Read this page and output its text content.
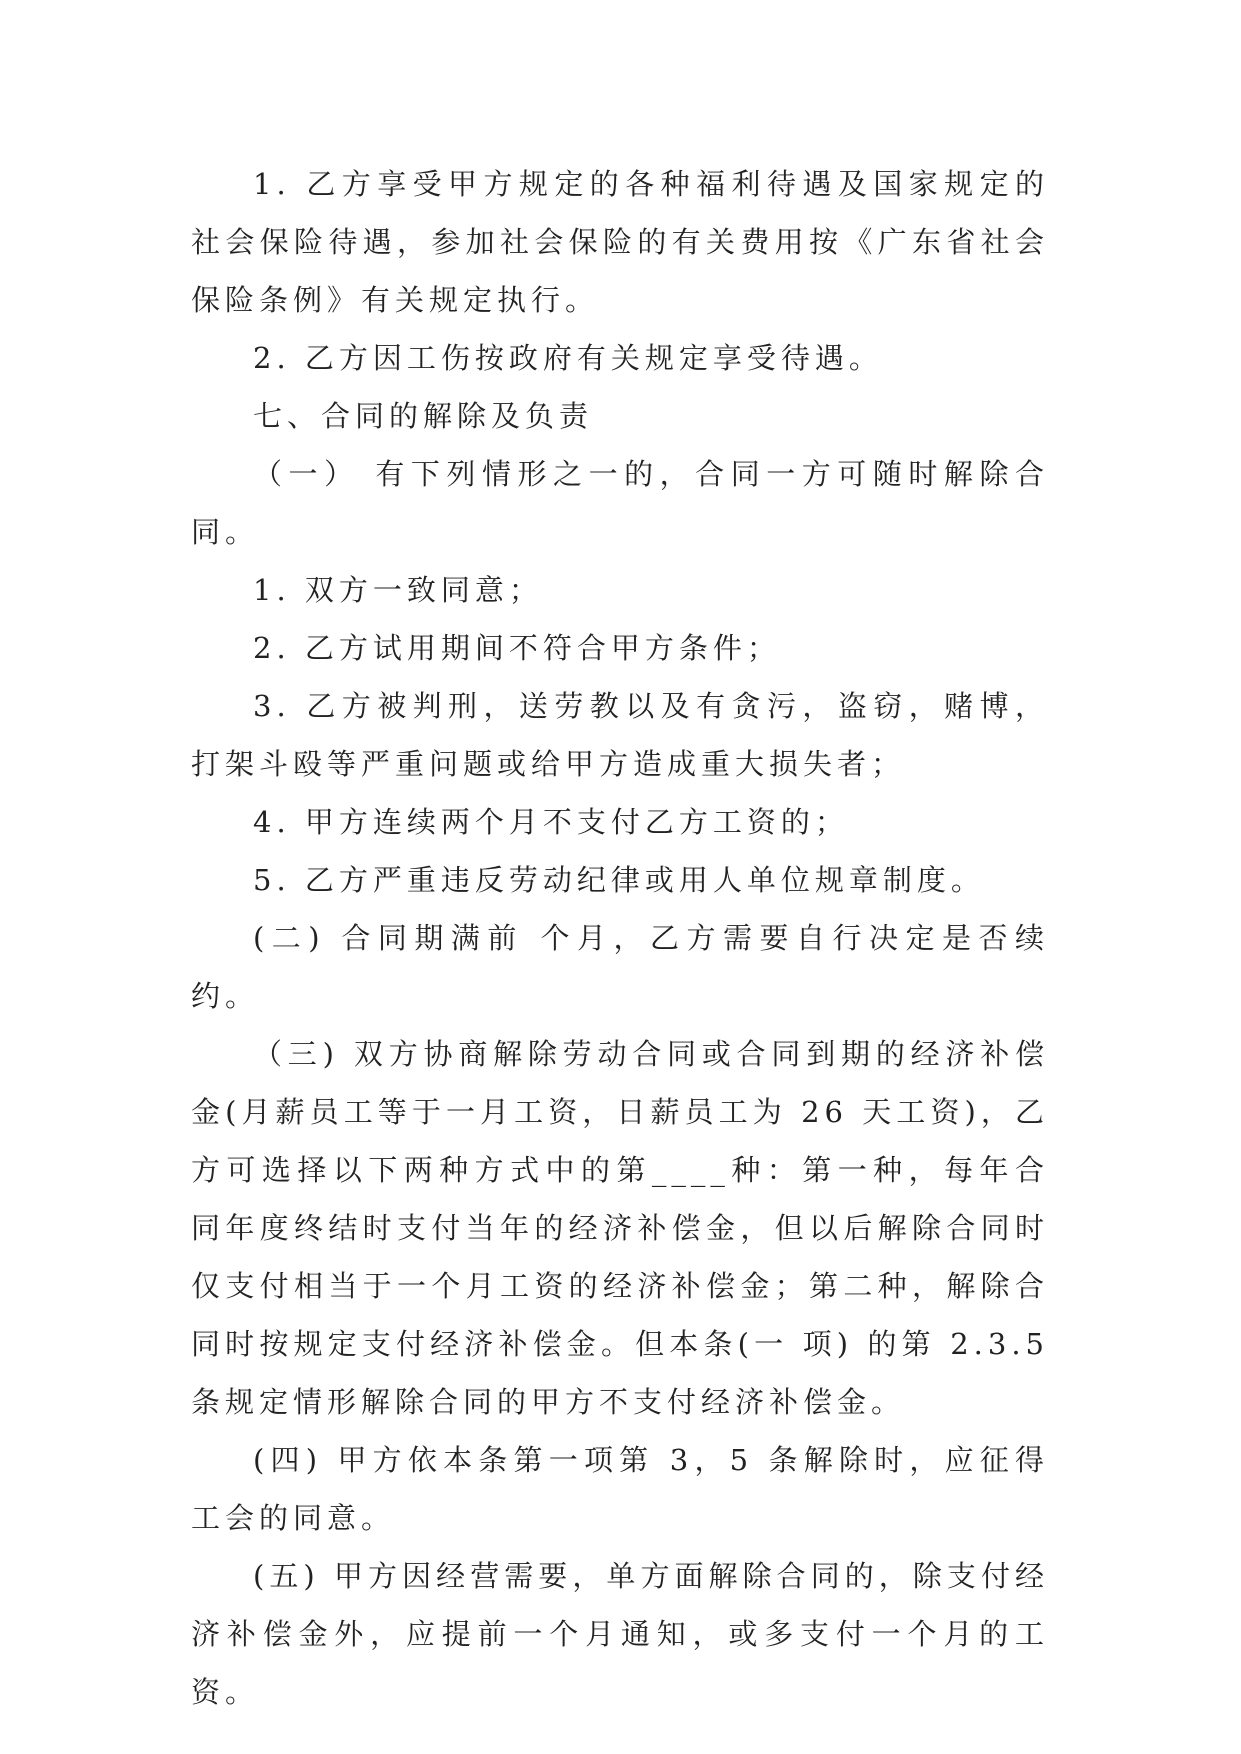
1. 乙方享受甲方规定的各种福利待遇及国家规定的社会保险待遇，参加社会保险的有关费用按《广东省社会保险条例》有关规定执行。

2. 乙方因工伤按政府有关规定享受待遇。

七、合同的解除及负责

（一） 有下列情形之一的，合同一方可随时解除合同。

1. 双方一致同意；

2. 乙方试用期间不符合甲方条件；

3. 乙方被判刑，送劳教以及有贪污，盗窃，赌博，打架斗殴等严重问题或给甲方造成重大损失者；

4. 甲方连续两个月不支付乙方工资的；

5. 乙方严重违反劳动纪律或用人单位规章制度。

(二) 合同期满前 个月，乙方需要自行决定是否续约。

（三) 双方协商解除劳动合同或合同到期的经济补偿金(月薪员工等于一月工资，日薪员工为 26 天工资)，乙方可选择以下两种方式中的第____种：第一种，每年合同年度终结时支付当年的经济补偿金，但以后解除合同时仅支付相当于一个月工资的经济补偿金；第二种，解除合同时按规定支付经济补偿金。但本条(一 项) 的第 2.3.5 条规定情形解除合同的甲方不支付经济补偿金。

(四) 甲方依本条第一项第 3，5 条解除时，应征得工会的同意。

(五) 甲方因经营需要，单方面解除合同的，除支付经济补偿金外，应提前一个月通知，或多支付一个月的工资。
